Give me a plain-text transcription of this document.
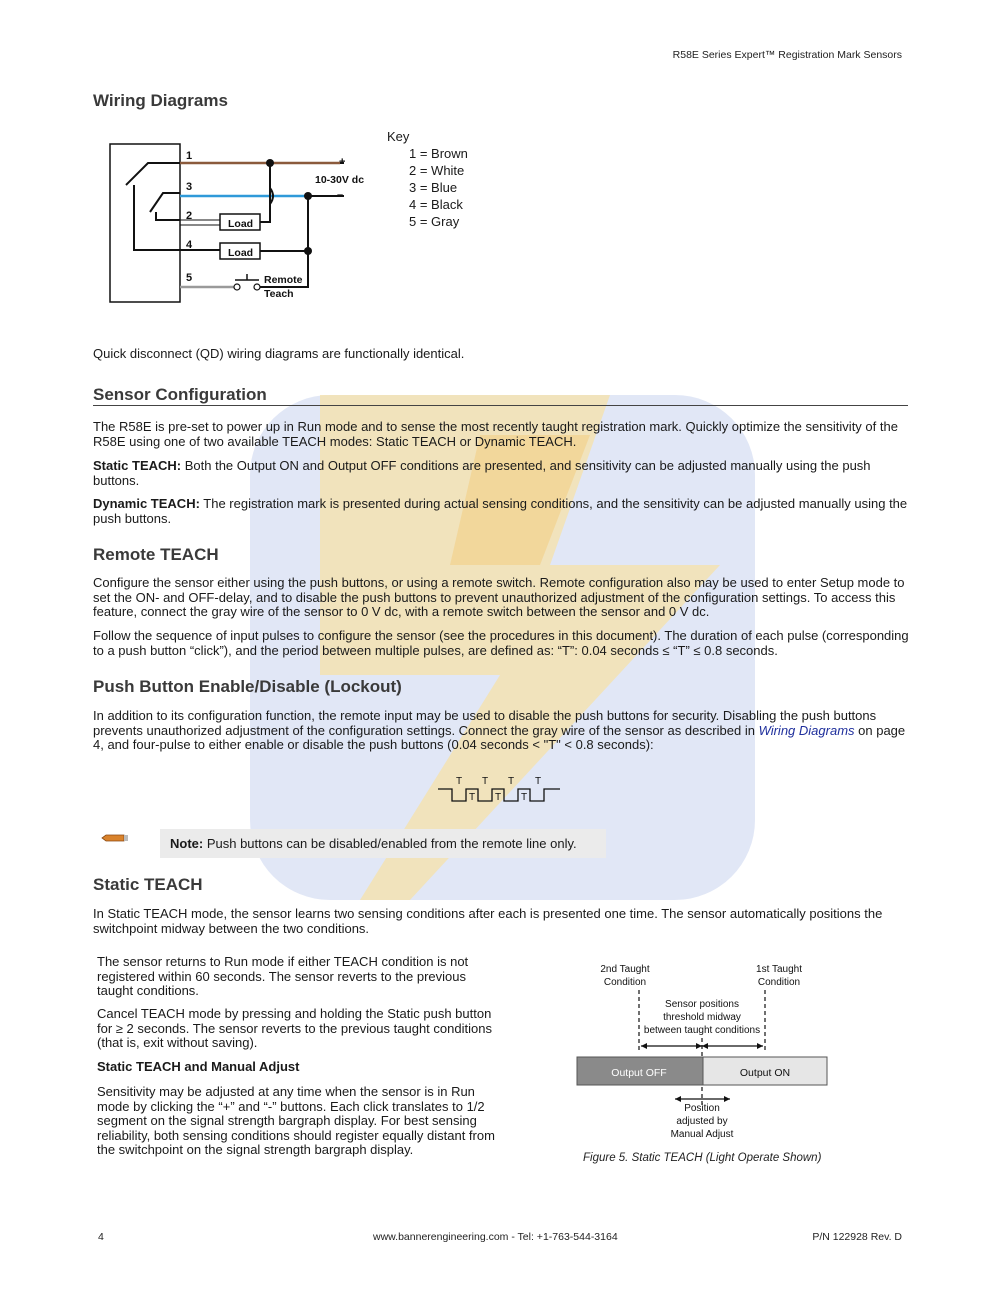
R58E Series Expert™ Registration Mark Sensors
Wiring Diagrams
1
3
2
4
5
+
10-30V dc
–
Load
Load
Remote
Teach
Key
1 = Brown
2 = White
3 = Blue
4 = Black
5 = Gray
Quick disconnect (QD) wiring diagrams are functionally identical.
Sensor Configuration
The R58E is pre-set to power up in Run mode and to sense the most recently taught registration mark. Quickly optimize the sensitivity of the R58E using one of two available TEACH modes: Static TEACH or Dynamic TEACH.
Static TEACH: Both the Output ON and Output OFF conditions are presented, and sensitivity can be adjusted manually using the push buttons.
Dynamic TEACH: The registration mark is presented during actual sensing conditions, and the sensitivity can be adjusted manually using the push buttons.
Remote TEACH
Configure the sensor either using the push buttons, or using a remote switch. Remote configuration also may be used to enter Setup mode to set the ON- and OFF-delay, and to disable the push buttons to prevent unauthorized adjustment of the configuration settings. To access this feature, connect the gray wire of the sensor to 0 V dc, with a remote switch between the sensor and 0 V dc.
Follow the sequence of input pulses to configure the sensor (see the procedures in this document). The duration of each pulse (corresponding to a push button “click”), and the period between multiple pulses, are defined as: “T”: 0.04 seconds ≤ “T” ≤ 0.8 seconds.
Push Button Enable/Disable (Lockout)
In addition to its configuration function, the remote input may be used to disable the push buttons for security. Disabling the push buttons prevents unauthorized adjustment of the configuration settings. Connect the gray wire of the sensor as described in Wiring Diagrams on page 4, and four-pulse to either enable or disable the push buttons (0.04 seconds < "T" < 0.8 seconds):
T T T T
T T T
Note: Push buttons can be disabled/enabled from the remote line only.
Static TEACH
In Static TEACH mode, the sensor learns two sensing conditions after each is presented one time. The sensor automatically positions the switchpoint midway between the two conditions.
The sensor returns to Run mode if either TEACH condition is not registered within 60 seconds. The sensor reverts to the previous taught conditions.
Cancel TEACH mode by pressing and holding the Static push button for ≥ 2 seconds. The sensor reverts to the previous taught conditions (that is, exit without saving).
Static TEACH and Manual Adjust
Sensitivity may be adjusted at any time when the sensor is in Run mode by clicking the “+” and “-” buttons. Each click translates to 1/2 segment on the signal strength bargraph display. For best sensing reliability, both sensing conditions should register equally distant from the switchpoint on the signal strength bargraph display.
2nd Taught
Condition
1st Taught
Condition
Sensor positions
threshold midway
between taught conditions
Output OFF	Output ON
Position
adjusted by
Manual Adjust
Figure 5. Static TEACH (Light Operate Shown)
4	www.bannerengineering.com - Tel: +1-763-544-3164	P/N 122928 Rev. D
